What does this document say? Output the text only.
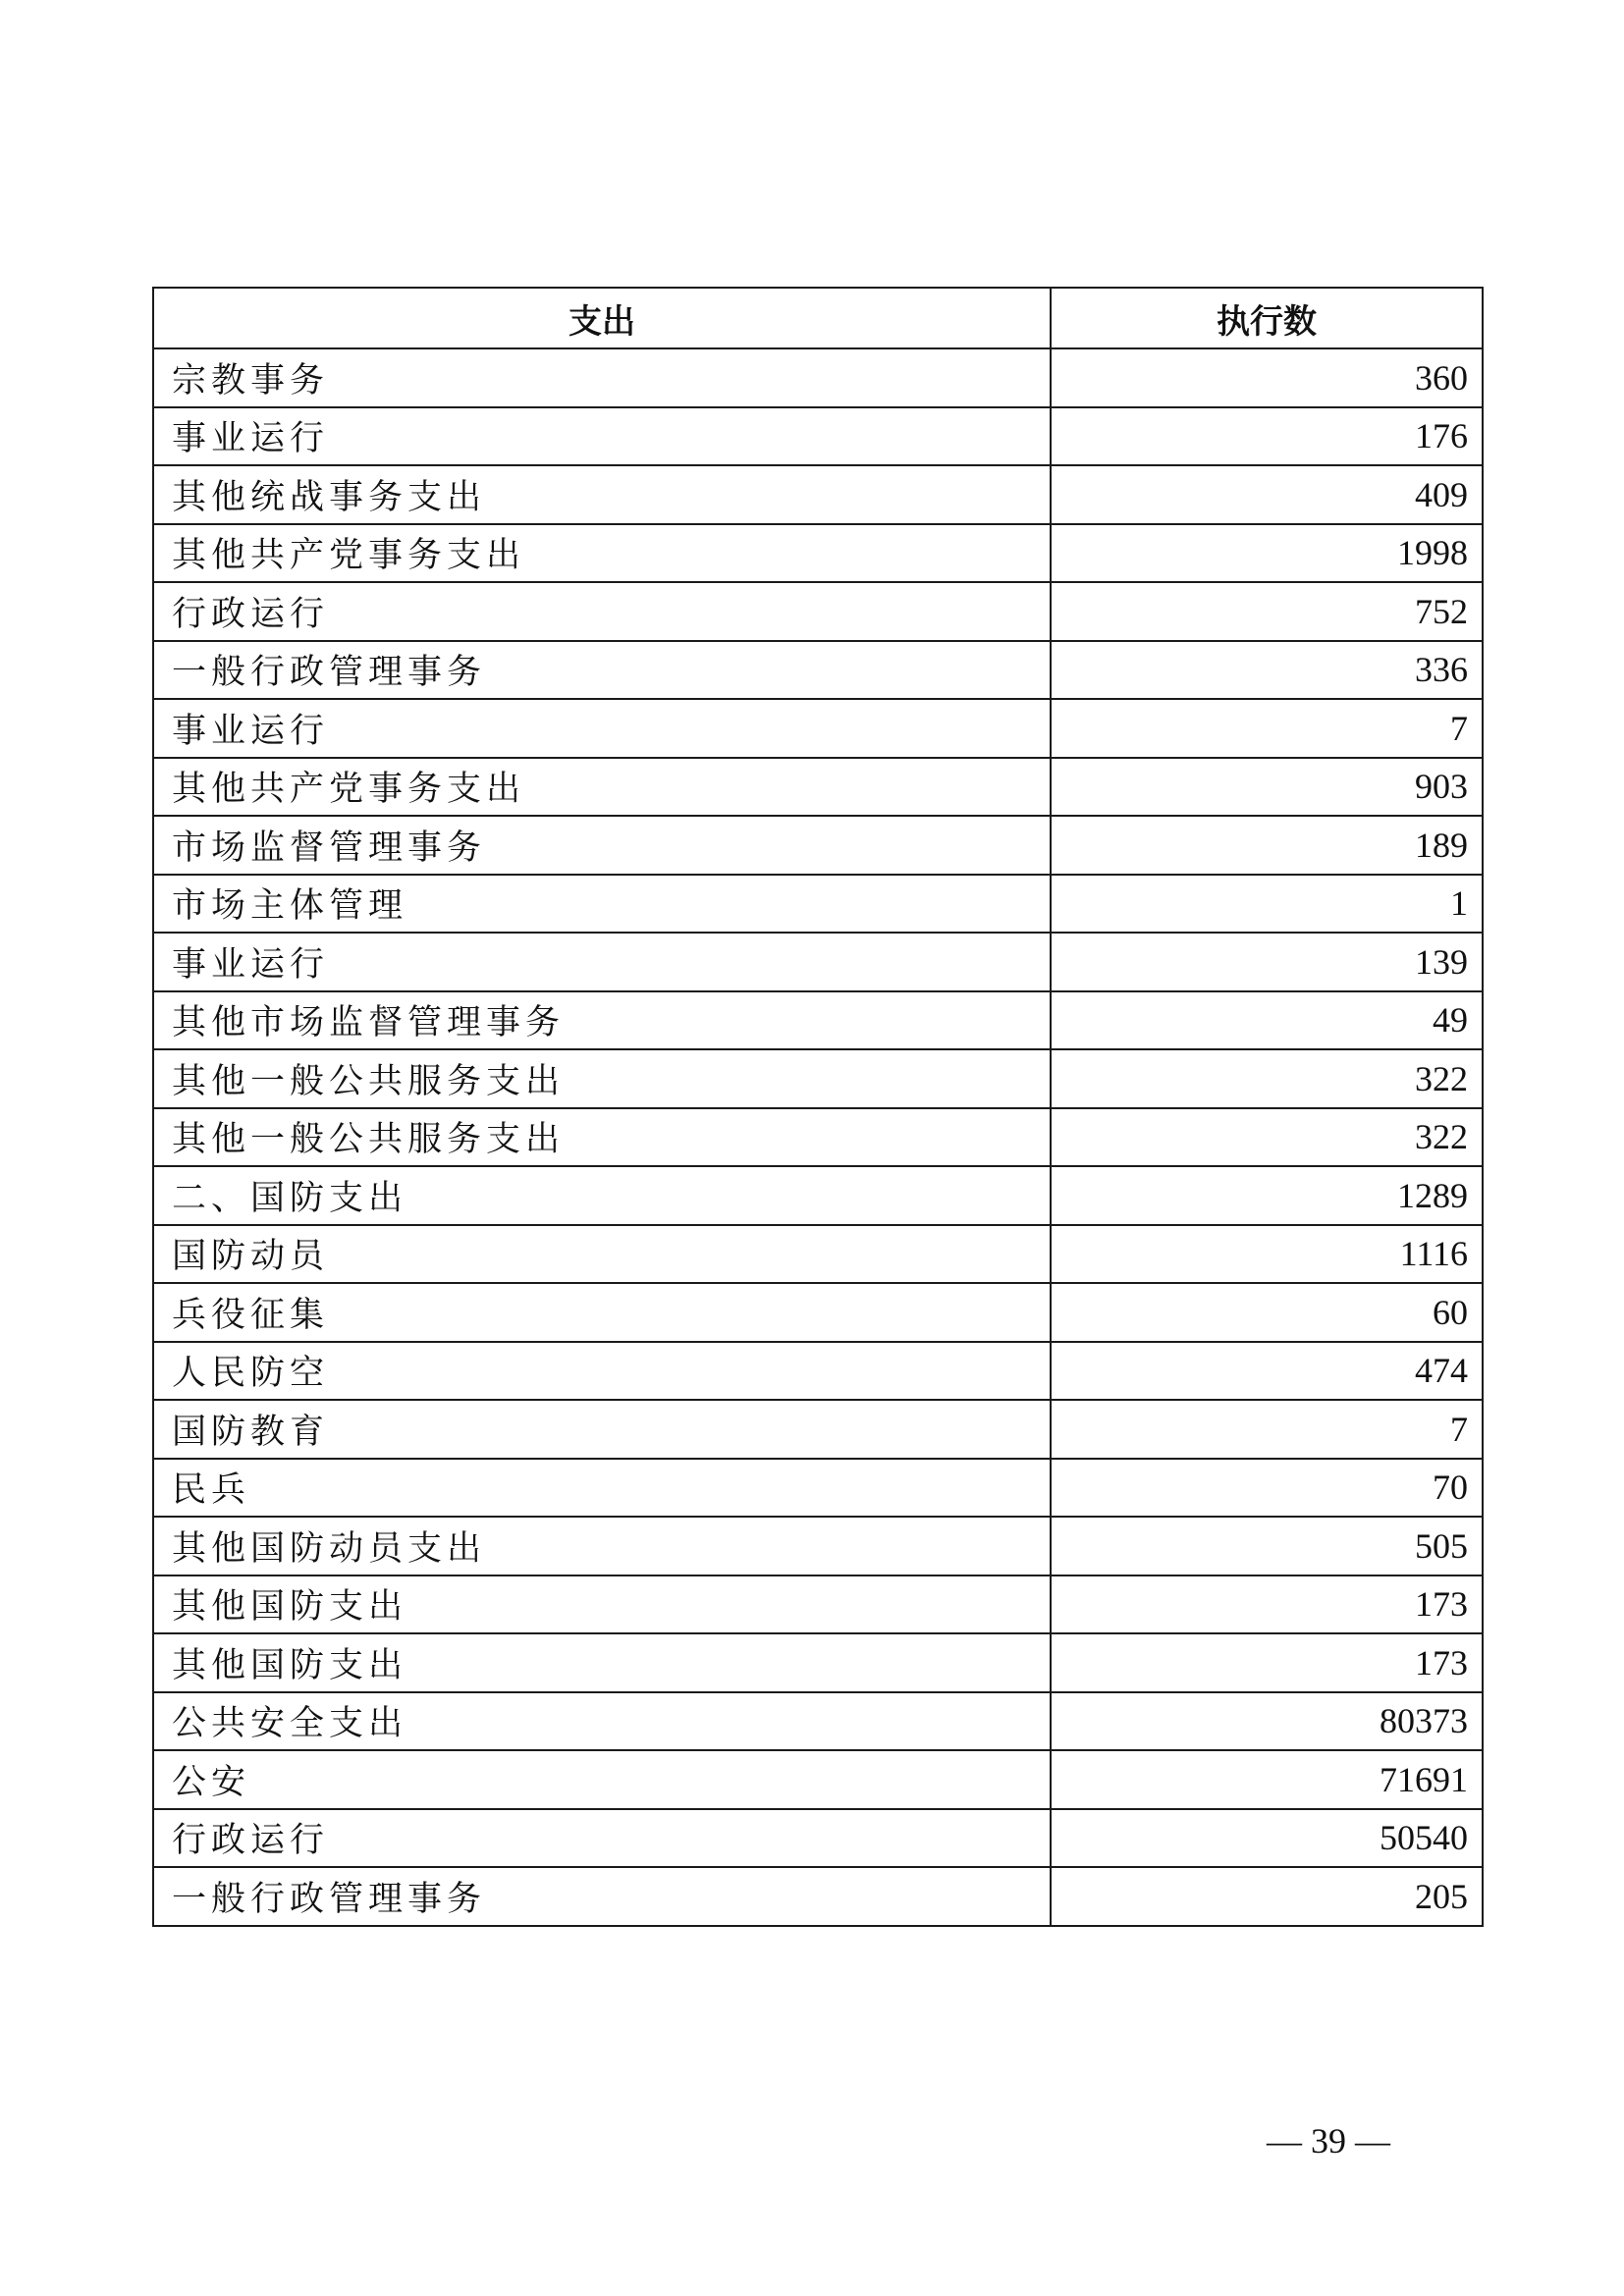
支出	执行数
宗教事务	360
事业运行	176
其他统战事务支出	409
其他共产党事务支出	1998
行政运行	752
一般行政管理事务	336
事业运行	7
其他共产党事务支出	903
市场监督管理事务	189
市场主体管理	1
事业运行	139
其他市场监督管理事务	49
其他一般公共服务支出	322
其他一般公共服务支出	322
二、国防支出	1289
国防动员	1116
兵役征集	60
人民防空	474
国防教育	7
民兵	70
其他国防动员支出	505
其他国防支出	173
其他国防支出	173
公共安全支出	80373
公安	71691
行政运行	50540
一般行政管理事务	205
— 39 —
